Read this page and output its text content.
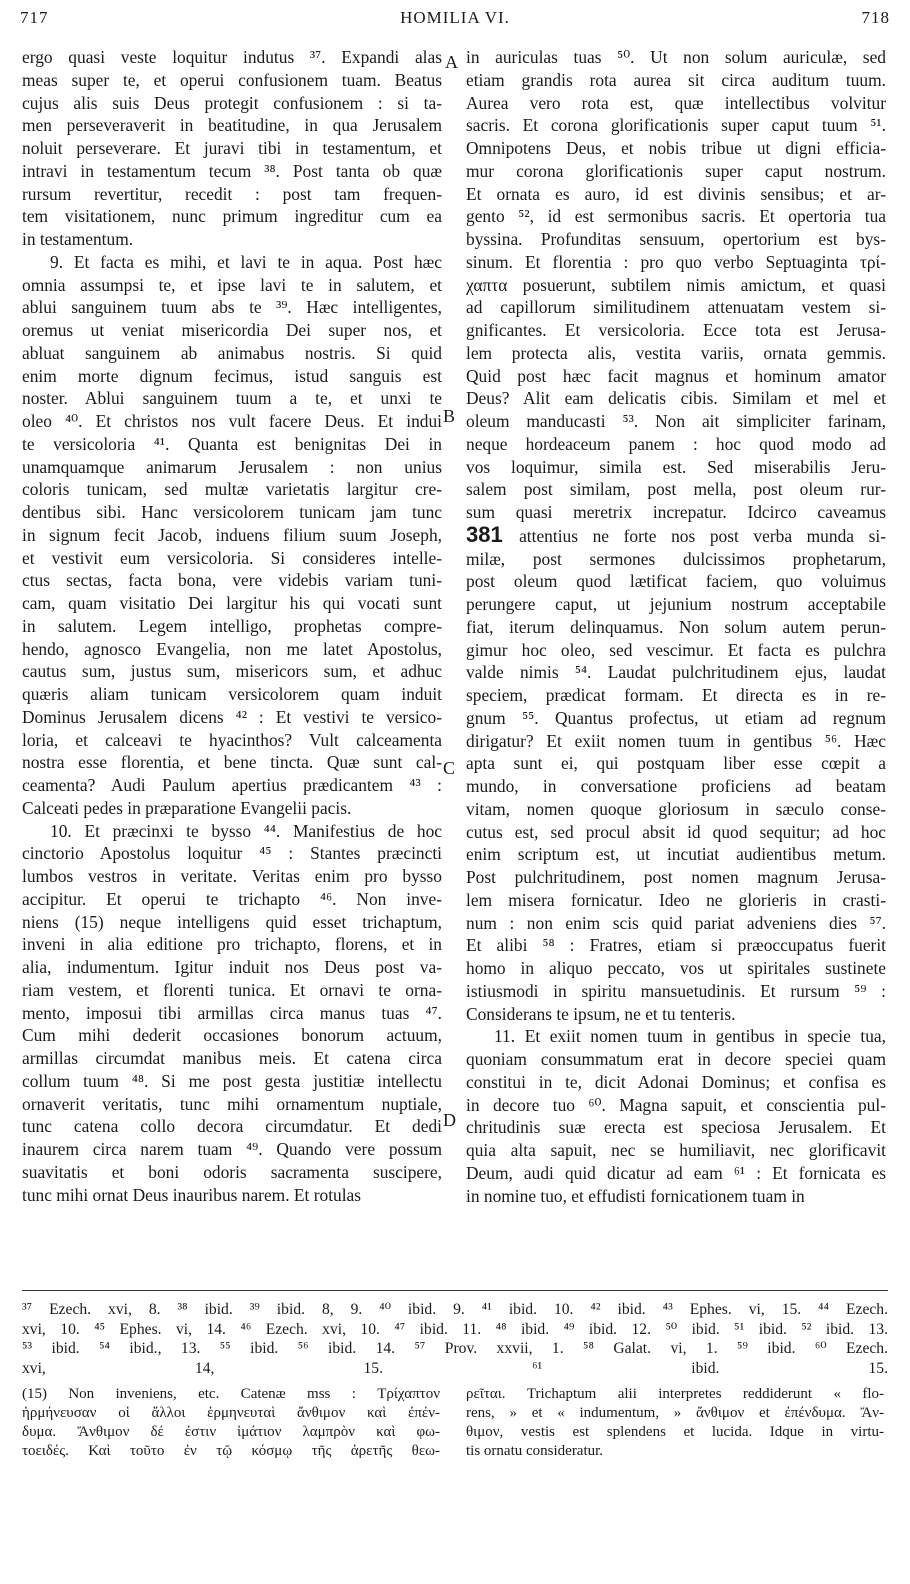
717	HOMILIA VI.	718
ergo quasi veste loquitur indutus ³⁷. Expandi alas
meas super te, et operui confusionem tuam. Beatus
cujus alis suis Deus protegit confusionem : si ta-
men perseveraverit in beatitudine, in qua Jerusalem
noluit perseverare. Et juravi tibi in testamentum, et
intravi in testamentum tecum ³⁸. Post tanta ob quæ
rursum revertitur, recedit : post tam frequen-
tem visitationem, nunc primum ingreditur cum ea
in testamentum.
9. Et facta es mihi, et lavi te in aqua. Post hæc
omnia assumpsi te, et ipse lavi te in salutem, et
ablui sanguinem tuum abs te ³⁹. Hæc intelligentes,
oremus ut veniat misericordia Dei super nos, et
abluat sanguinem ab animabus nostris. Si quid
enim morte dignum fecimus, istud sanguis est
noster. Ablui sanguinem tuum a te, et unxi te
oleo ⁴⁰. Et christos nos vult facere Deus. Et indui
te versicoloria ⁴¹. Quanta est benignitas Dei in
unamquamque animarum Jerusalem : non unius
coloris tunicam, sed multæ varietatis largitur cre-
dentibus sibi. Hanc versicolorem tunicam jam tunc
in signum fecit Jacob, induens filium suum Joseph,
et vestivit eum versicoloria. Si consideres intelle-
ctus sectas, facta bona, vere videbis variam tuni-
cam, quam visitatio Dei largitur his qui vocati sunt
in salutem. Legem intelligo, prophetas compre-
hendo, agnosco Evangelia, non me latet Apostolus,
cautus sum, justus sum, misericors sum, et adhuc
quæris aliam tunicam versicolorem quam induit
Dominus Jerusalem dicens ⁴² : Et vestivi te versico-
loria, et calceavi te hyacinthos? Vult calceamenta
nostra esse florentia, et bene tincta. Quæ sunt cal-
ceamenta? Audi Paulum apertius prædicantem ⁴³ :
Calceati pedes in præparatione Evangelii pacis.
10. Et præcinxi te bysso ⁴⁴. Manifestius de hoc
cinctorio Apostolus loquitur ⁴⁵ : Stantes præcincti
lumbos vestros in veritate. Veritas enim pro bysso
accipitur. Et operui te trichapto ⁴⁶. Non inve-
niens (15) neque intelligens quid esset trichaptum,
inveni in alia editione pro trichapto, florens, et in
alia, indumentum. Igitur induit nos Deus post va-
riam vestem, et florenti tunica. Et ornavi te orna-
mento, imposui tibi armillas circa manus tuas ⁴⁷.
Cum mihi dederit occasiones bonorum actuum,
armillas circumdat manibus meis. Et catena circa
collum tuum ⁴⁸. Si me post gesta justitiæ intellectu
ornaverit veritatis, tunc mihi ornamentum nuptiale,
tunc catena collo decora circumdatur. Et dedi
inaurem circa narem tuam ⁴⁹. Quando vere possum
suavitatis et boni odoris sacramenta suscipere,
tunc mihi ornat Deus inauribus narem. Et rotulas
in auriculas tuas ⁵⁰. Ut non solum auriculæ, sed
etiam grandis rota aurea sit circa auditum tuum.
Aurea vero rota est, quæ intellectibus volvitur
sacris. Et corona glorificationis super caput tuum ⁵¹.
Omnipotens Deus, et nobis tribue ut digni efficia-
mur corona glorificationis super caput nostrum.
Et ornata es auro, id est divinis sensibus; et ar-
gento ⁵², id est sermonibus sacris. Et opertoria tua
byssina. Profunditas sensuum, opertorium est bys-
sinum. Et florentia : pro quo verbo Septuaginta τρί-
χαπτα posuerunt, subtilem nimis amictum, et quasi
ad capillorum similitudinem attenuatam vestem si-
gnificantes. Et versicoloria. Ecce tota est Jerusa-
lem protecta alis, vestita variis, ornata gemmis.
Quid post hæc facit magnus et hominum amator
Deus? Alit eam delicatis cibis. Similam et mel et
oleum manducasti ⁵³. Non ait simpliciter farinam,
neque hordeaceum panem : hoc quod modo ad
vos loquimur, simila est. Sed miserabilis Jeru-
salem post similam, post mella, post oleum rur-
sum quasi meretrix increpatur. Idcirco caveamus
381 attentius ne forte nos post verba munda si-
milæ, post sermones dulcissimos prophetarum,
post oleum quod lætificat faciem, quo voluimus
perungere caput, ut jejunium nostrum acceptabile
fiat, iterum delinquamus. Non solum autem perun-
gimur hoc oleo, sed vescimur. Et facta es pulchra
valde nimis ⁵⁴. Laudat pulchritudinem ejus, laudat
speciem, prædicat formam. Et directa es in re-
gnum ⁵⁵. Quantus profectus, ut etiam ad regnum
dirigatur? Et exiit nomen tuum in gentibus ⁵⁶. Hæc
apta sunt ei, qui postquam liber esse cœpit a
mundo, in conversatione proficiens ad beatam
vitam, nomen quoque gloriosum in sæculo conse-
cutus est, sed procul absit id quod sequitur; ad hoc
enim scriptum est, ut incutiat audientibus metum.
Post pulchritudinem, post nomen magnum Jerusa-
lem misera fornicatur. Ideo ne glorieris in crasti-
num : non enim scis quid pariat adveniens dies ⁵⁷.
Et alibi ⁵⁸ : Fratres, etiam si præoccupatus fuerit
homo in aliquo peccato, vos ut spiritales sustinete
istiusmodi in spiritu mansuetudinis. Et rursum ⁵⁹ :
Considerans te ipsum, ne et tu tenteris.
11. Et exiit nomen tuum in gentibus in specie tua,
quoniam consummatum erat in decore speciei quam
constitui in te, dicit Adonai Dominus; et confisa es
in decore tuo ⁶⁰. Magna sapuit, et conscientia pul-
chritudinis suæ erecta est speciosa Jerusalem. Et
quia alta sapuit, nec se humiliavit, nec glorificavit
Deum, audi quid dicatur ad eam ⁶¹ : Et fornicata es
in nomine tuo, et effudisti fornicationem tuam in
A
B
C
D
³⁷ Ezech. xvi, 8. ³⁸ ibid. ³⁹ ibid. 8, 9. ⁴⁰ ibid. 9. ⁴¹ ibid. 10. ⁴² ibid. ⁴³ Ephes. vi, 15. ⁴⁴ Ezech.
xvi, 10. ⁴⁵ Ephes. vi, 14. ⁴⁶ Ezech. xvi, 10. ⁴⁷ ibid. 11. ⁴⁸ ibid. ⁴⁹ ibid. 12. ⁵⁰ ibid. ⁵¹ ibid. ⁵² ibid. 13.
⁵³ ibid. ⁵⁴ ibid., 13. ⁵⁵ ibid. ⁵⁶ ibid. 14. ⁵⁷ Prov. xxvii, 1. ⁵⁸ Galat. vi, 1. ⁵⁹ ibid. ⁶⁰ Ezech.
xvi, 14, 15. ⁶¹ ibid. 15.
(15) Non inveniens, etc. Catenæ mss : Τρίχαπτον
ἡρμήνευσαν οἱ ἄλλοι ἑρμηνευταὶ ἄνθιμον καὶ ἐπέν-
δυμα. Ἄνθιμον δέ ἐστιν ἱμάτιον λαμπρὸν καὶ φω-
τοειδές. Καὶ τοῦτο ἐν τῷ κόσμῳ τῆς ἀρετῆς θεω-
ρεῖται. Trichaptum alii interpretes reddiderunt « flo-
rens, » et « indumentum, » ἄνθιμον et ἐπένδυμα. Ἄν-
θιμον, vestis est splendens et lucida. Idque in virtu-
tis ornatu consideratur.
